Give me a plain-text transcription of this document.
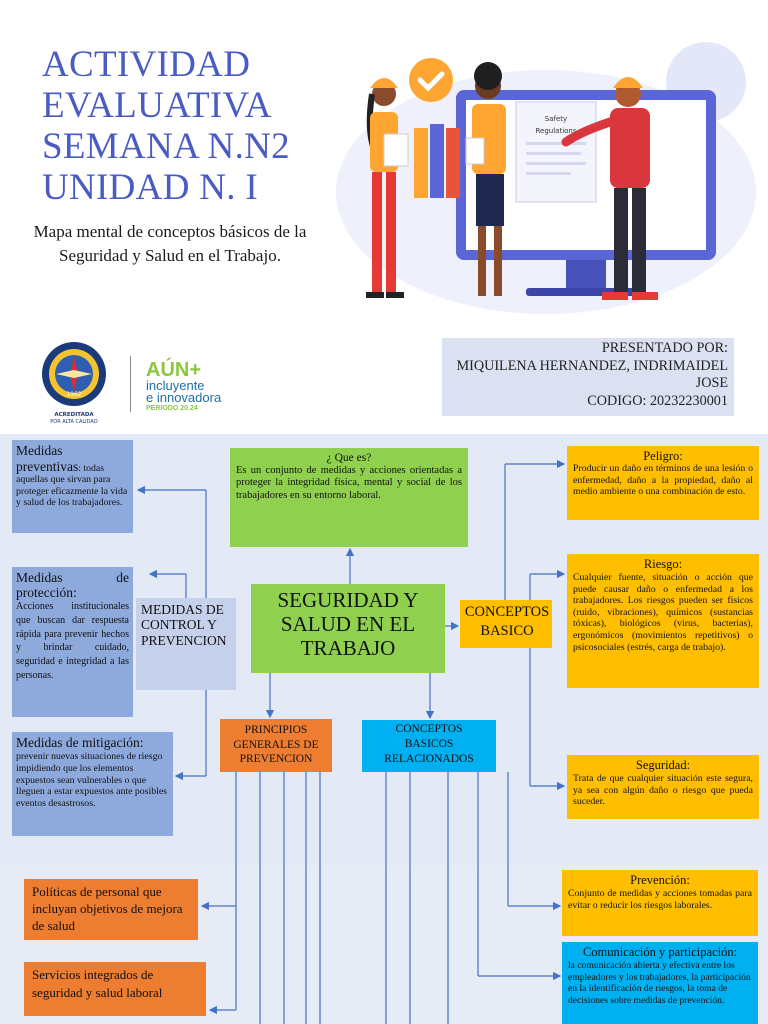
ACTIVIDAD
EVALUATIVA
SEMANA N.N2
UNIDAD N. I
Mapa mental de conceptos básicos de la Seguridad y Salud en el Trabajo.
Safety
Regulations
1962
ACREDITADA
POR ALTA CALIDAD
AÚN+
incluyente
e innovadora
PERIODO 20.24
PRESENTADO POR:
MIQUILENA HERNANDEZ, INDRIMAIDEL JOSE
CODIGO: 20232230001
SEGURIDAD Y SALUD EN EL TRABAJO
¿ Que es?
Es un conjunto de medidas y acciones orientadas a proteger la integridad física, mental y social de los trabajadores en su entorno laboral.
MEDIDAS DE CONTROL Y PREVENCION
CONCEPTOS BASICO
PRINCIPIOS GENERALES DE PREVENCION
CONCEPTOS BASICOS RELACIONADOS
Medidas preventivas: todas aquellas que sirvan para proteger eficazmente la vida y salud de los trabajadores.
Medidas de protección:
Acciones institucionales que buscan dar respuesta rápida para prevenir hechos y brindar cuidado, seguridad e integridad a las personas.
Medidas de mitigación:
prevenir nuevas situaciones de riesgo impidiendo que los elementos expuestos sean vulnerables o que lleguen a estar expuestos ante posibles eventos desastrosos.
Peligro:
Producir un daño en términos de una lesión o enfermedad, daño a la propiedad, daño al medio ambiente o una combinación de esto.
Riesgo:
Cualquier fuente, situación o acción que puede causar daño o enfermedad a los trabajadores. Los riesgos pueden ser físicos (ruido, vibraciones), químicos (sustancias tóxicas), biológicos (virus, bacterias), ergonómicos (movimientos repetitivos) o psicosociales (estrés, carga de trabajo).
Seguridad:
Trata de que cualquier situación este segura, ya sea con algún daño o riesgo que pueda suceder.
Prevención:
Conjunto de medidas y acciones tomadas para evitar o reducir los riesgos laborales.
Comunicación y participación:
la comunicación abierta y efectiva entre los empleadores y los trabajadores, la participación en la identificación de riesgos, la toma de decisiones sobre medidas de prevención.
Políticas de personal que incluyan objetivos de mejora de salud
Servicios integrados de seguridad y salud laboral
